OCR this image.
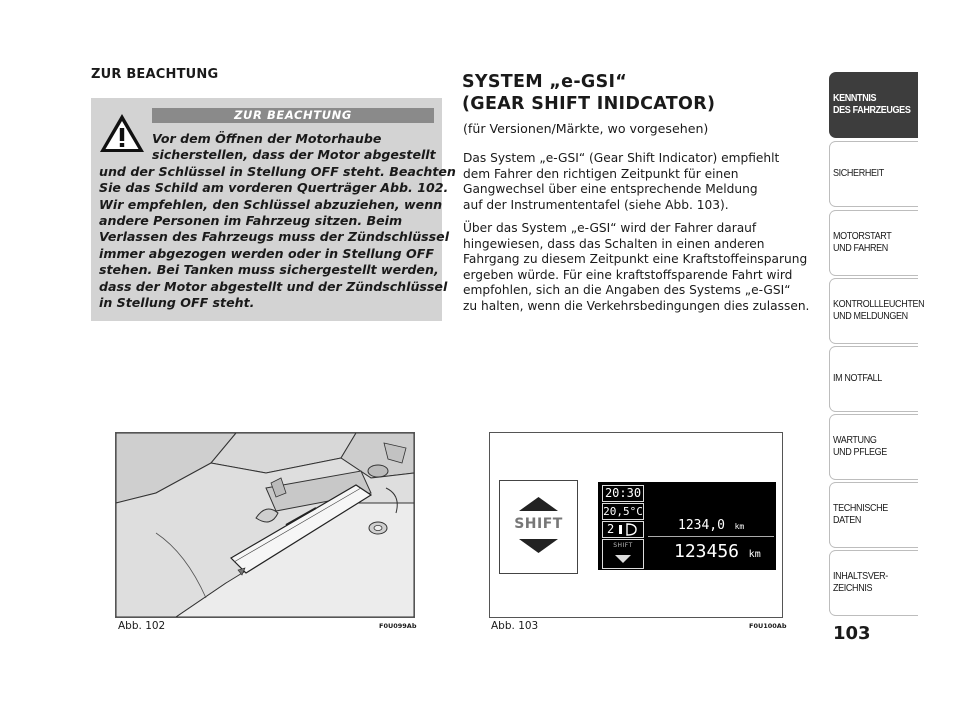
ZUR BEACHTUNG
ZUR BEACHTUNG
Vor dem Öffnen der Motorhaube
sicherstellen, dass der Motor abgestellt
und der Schlüssel in Stellung OFF steht. Beachten
Sie das Schild am vorderen Querträger Abb. 102.
Wir empfehlen, den Schlüssel abzuziehen, wenn
andere Personen im Fahrzeug sitzen. Beim
Verlassen des Fahrzeugs muss der Zündschlüssel
immer abgezogen werden oder in Stellung OFF
stehen. Bei Tanken muss sichergestellt werden,
dass der Motor abgestellt und der Zündschlüssel
in Stellung OFF steht.
SYSTEM „e-GSI“
(GEAR SHIFT INIDCATOR)
(für Versionen/Märkte, wo vorgesehen)
Das System „e-GSI“ (Gear Shift Indicator) empfiehlt
dem Fahrer den richtigen Zeitpunkt für einen
Gangwechsel über eine entsprechende Meldung
auf der Instrumententafel (siehe Abb. 103).
Über das System „e-GSI“ wird der Fahrer darauf
hingewiesen, dass das Schalten in einen anderen
Fahrgang zu diesem Zeitpunkt eine Kraftstoffeinsparung
ergeben würde. Für eine kraftstoffsparende Fahrt wird
empfohlen, sich an die Angaben des Systems „e-GSI“
zu halten, wenn die Verkehrsbedingungen dies zulassen.
Abb. 102	F0U099Ab
SHIFT
20:30
20,5°C
2
SHIFT
1234,0 km
123456 km
Abb. 103	F0U100Ab
KENNTNIS
DES FAHRZEUGES
SICHERHEIT
MOTORSTART
UND FAHREN
KONTROLLLEUCHTEN
UND MELDUNGEN
IM NOTFALL
WARTUNG
UND PFLEGE
TECHNISCHE
DATEN
INHALTSVER-
ZEICHNIS
103
